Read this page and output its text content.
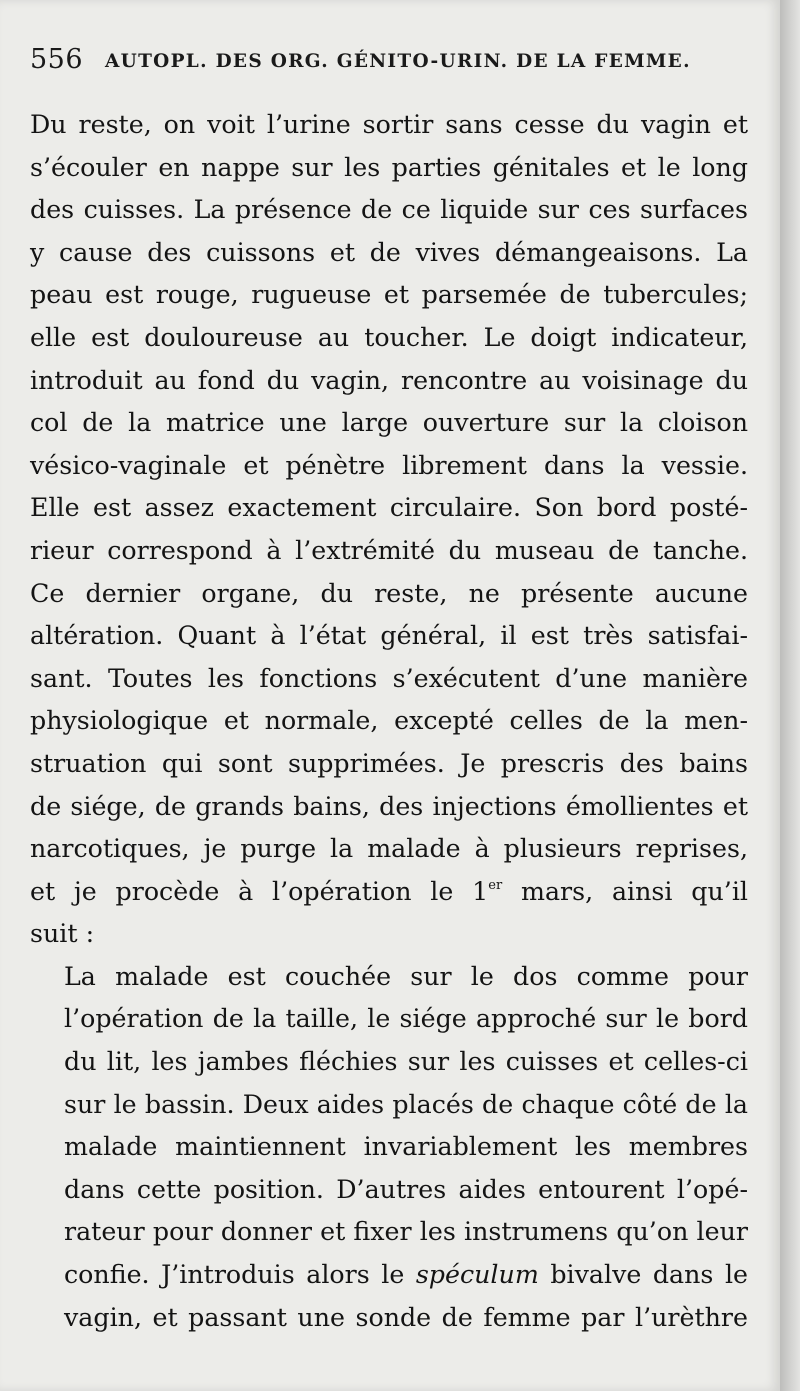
556 AUTOPL. DES ORG. GÉNITO-URIN. DE LA FEMME.

Du reste, on voit l’urine sortir sans cesse du vagin et
s’écouler en nappe sur les parties génitales et le long
des cuisses. La présence de ce liquide sur ces surfaces
y cause des cuissons et de vives démangeaisons. La
peau est rouge, rugueuse et parsemée de tubercules;
elle est douloureuse au toucher. Le doigt indicateur,
introduit au fond du vagin, rencontre au voisinage du
col de la matrice une large ouverture sur la cloison
vésico-vaginale et pénètre librement dans la vessie.
Elle est assez exactement circulaire. Son bord posté-
rieur correspond à l’extrémité du museau de tanche.
Ce dernier organe, du reste, ne présente aucune
altération. Quant à l’état général, il est très satisfai-
sant. Toutes les fonctions s’exécutent d’une manière
physiologique et normale, excepté celles de la men-
struation qui sont supprimées. Je prescris des bains
de siége, de grands bains, des injections émollientes et
narcotiques, je purge la malade à plusieurs reprises,
et je procède à l’opération le 1er mars, ainsi qu’il
suit :

La malade est couchée sur le dos comme pour
l’opération de la taille, le siége approché sur le bord
du lit, les jambes fléchies sur les cuisses et celles-ci
sur le bassin. Deux aides placés de chaque côté de la
malade maintiennent invariablement les membres
dans cette position. D’autres aides entourent l’opé-
rateur pour donner et fixer les instrumens qu’on leur
confie. J’introduis alors le spéculum bivalve dans le
vagin, et passant une sonde de femme par l’urèthre
